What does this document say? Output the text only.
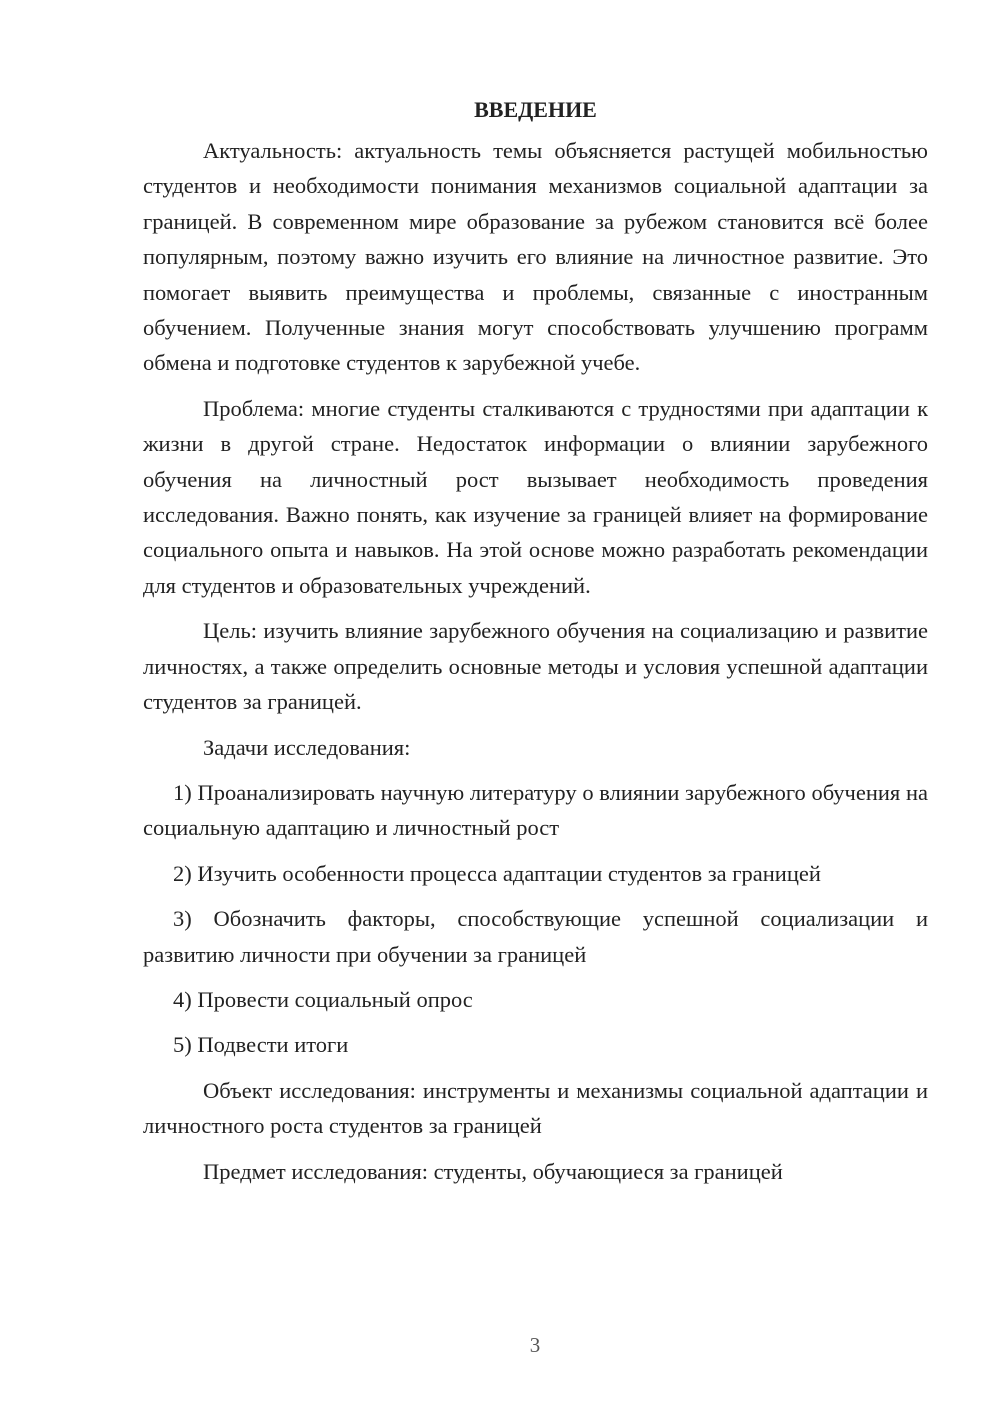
ВВЕДЕНИЕ

Актуальность: актуальность темы объясняется растущей мобильностью студентов и необходимости понимания механизмов социальной адаптации за границей. В современном мире образование за рубежом становится всё более популярным, поэтому важно изучить его влияние на личностное развитие. Это помогает выявить преимущества и проблемы, связанные с иностранным обучением. Полученные знания могут способствовать улучшению программ обмена и подготовке студентов к зарубежной учебе.

Проблема: многие студенты сталкиваются с трудностями при адаптации к жизни в другой стране. Недостаток информации о влиянии зарубежного обучения на личностный рост вызывает необходимость проведения исследования. Важно понять, как изучение за границей влияет на формирование социального опыта и навыков. На этой основе можно разработать рекомендации для студентов и образовательных учреждений.

Цель: изучить влияние зарубежного обучения на социализацию и развитие личностях, а также определить основные методы и условия успешной адаптации студентов за границей.

Задачи исследования:

1) Проанализировать научную литературу о влиянии зарубежного обучения на социальную адаптацию и личностный рост

2) Изучить особенности процесса адаптации студентов за границей

3) Обозначить факторы, способствующие успешной социализации и развитию личности при обучении за границей

4) Провести социальный опрос

5) Подвести итоги

Объект исследования: инструменты и механизмы социальной адаптации и личностного роста студентов за границей

Предмет исследования: студенты, обучающиеся за границей

3
